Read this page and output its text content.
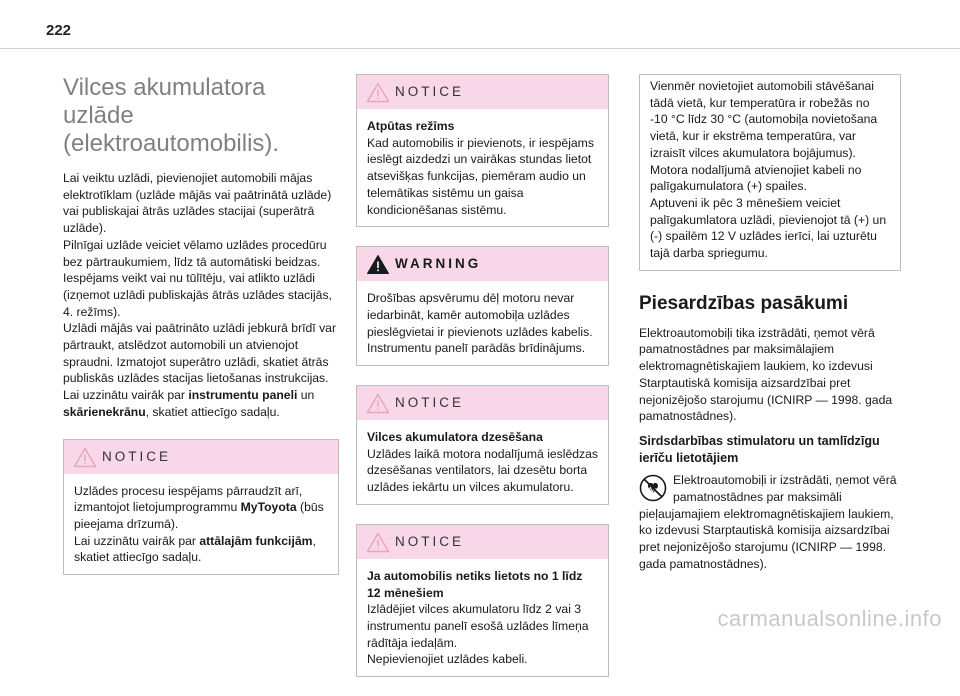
222
Vilces akumulatora uzlāde (elektroautomobilis).

Lai veiktu uzlādi, pievienojiet automobili mājas elektrotīklam (uzlāde mājās vai paātrinātā uzlāde) vai publiskajai ātrās uzlādes stacijai (superātrā uzlāde).

Pilnīgai uzlāde veiciet vēlamo uzlādes procedūru bez pārtraukumiem, līdz tā automātiski beidzas.

Iespējams veikt vai nu tūlītēju, vai atlikto uzlādi (izņemot uzlādi publiskajās ātrās uzlādes stacijās, 4. režīms).

Uzlādi mājās vai paātrināto uzlādi jebkurā brīdī var pārtraukt, atslēdzot automobili un atvienojot spraudni. Izmatojot superātro uzlādi, skatiet ātrās publiskās uzlādes stacijas lietošanas instrukcijas.

Lai uzzinātu vairāk par instrumentu paneli un skārienekrānu, skatiet attiecīgo sadaļu.

NOTICE

Uzlādes procesu iespējams pārraudzīt arī, izmantojot lietojumprogrammu MyToyota (būs pieejama drīzumā).

Lai uzzinātu vairāk par attālajām funkcijām, skatiet attiecīgo sadaļu.

NOTICE

Atpūtas režīms

Kad automobilis ir pievienots, ir iespējams ieslēgt aizdedzi un vairākas stundas lietot atsevišķas funkcijas, piemēram audio un telemātikas sistēmu un gaisa kondicionēšanas sistēmu.

WARNING

Drošības apsvērumu dēļ motoru nevar iedarbināt, kamēr automobiļa uzlādes pieslēgvietai ir pievienots uzlādes kabelis. Instrumentu panelī parādās brīdinājums.

NOTICE

Vilces akumulatora dzesēšana

Uzlādes laikā motora nodalījumā ieslēdzas dzesēšanas ventilators, lai dzesētu borta uzlādes iekārtu un vilces akumulatoru.

NOTICE

Ja automobilis netiks lietots no 1 līdz 12 mēnešiem

Izlādējiet vilces akumulatoru līdz 2 vai 3 instrumentu panelī esošā uzlādes līmeņa rādītāja iedaļām.

Nepievienojiet uzlādes kabeli.

Vienmēr novietojiet automobili stāvēšanai tādā vietā, kur temperatūra ir robežās no -10 °C līdz 30 °C (automobiļa novietošana vietā, kur ir ekstrēma temperatūra, var izraisīt vilces akumulatora bojājumus).

Motora nodalījumā atvienojiet kabeli no palīgakumulatora (+) spailes.

Aptuveni ik pēc 3 mēnešiem veiciet palīgakumlatora uzlādi, pievienojot tā (+) un (-) spailēm 12 V uzlādes ierīci, lai uzturētu tajā darba spriegumu.

Piesardzības pasākumi

Elektroautomobiļi tika izstrādāti, ņemot vērā pamatnostādnes par maksimālajiem elektromagnētiskajiem laukiem, ko izdevusi Starptautiskā komisija aizsardzībai pret nejonizējošo starojumu (ICNIRP — 1998. gada pamatnostādnes).

Sirdsdarbības stimulatoru un tamlīdzīgu ierīču lietotājiem

Elektroautomobiļi ir izstrādāti, ņemot vērā pamatnostādnes par maksimāli pieļaujamajiem elektromagnētiskajiem laukiem, ko izdevusi Starptautiskā komisija aizsardzībai pret nejonizējošo starojumu (ICNIRP — 1998. gada pamatnostādnes).

carmanualsonline.info
